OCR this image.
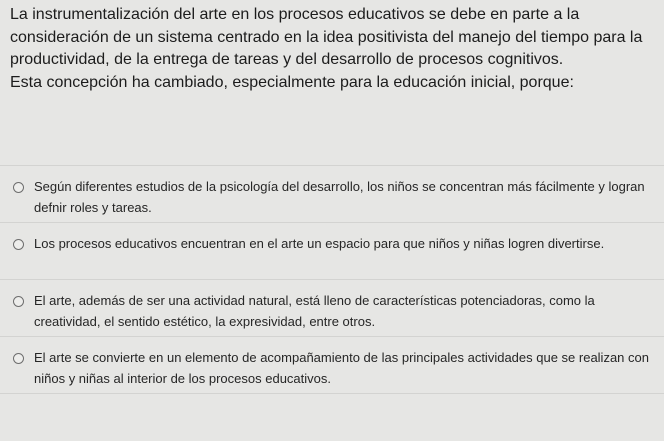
La instrumentalización del arte en los procesos educativos se debe en parte a la consideración de un sistema centrado en la idea positivista del manejo del tiempo para la productividad, de la entrega de tareas y del desarrollo de procesos cognitivos.

Esta concepción ha cambiado, especialmente para la educación inicial, porque:

Según diferentes estudios de la psicología del desarrollo, los niños se concentran más fácilmente y logran defnir roles y tareas.
Los procesos educativos encuentran en el arte un espacio para que niños y niñas logren divertirse.
El arte, además de ser una actividad natural, está lleno de características potenciadoras, como la creatividad, el sentido estético, la expresividad, entre otros.
El arte se convierte en un elemento de acompañamiento de las principales actividades que se realizan con niños y niñas al interior de los procesos educativos.
